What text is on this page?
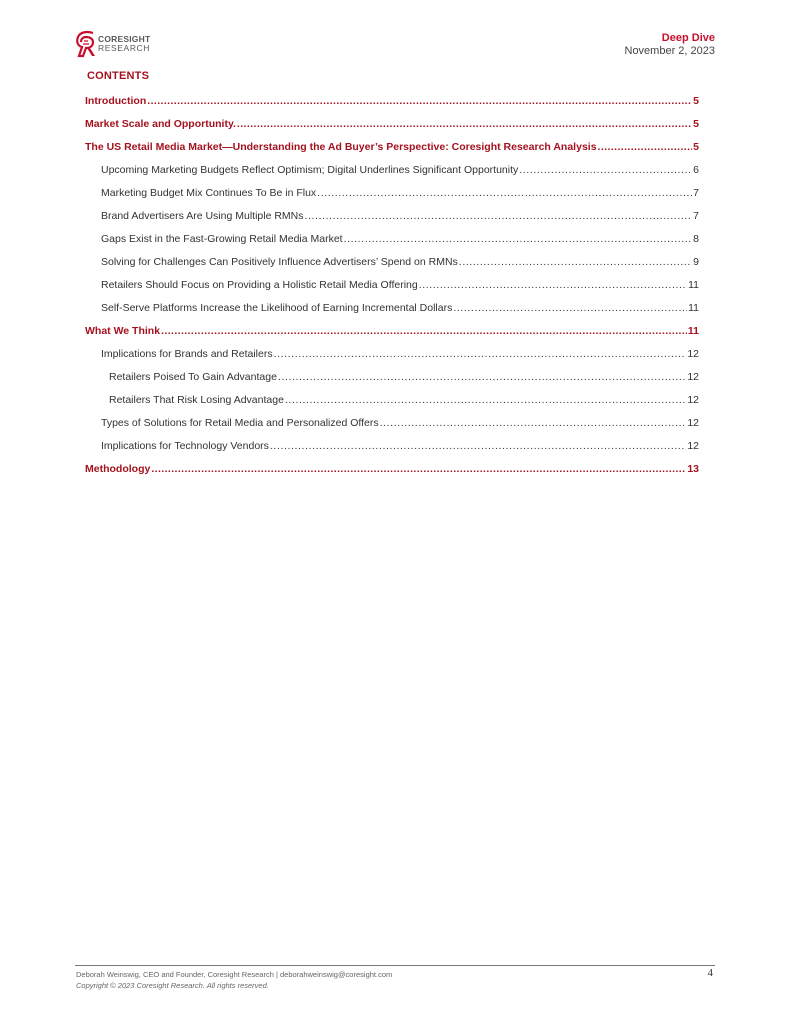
CORESIGHT
RESEARCH
Deep Dive
November 2, 2023
CONTENTS
Introduction .....	5
Market Scale and Opportunity. .....	5
The US Retail Media Market—Understanding the Ad Buyer’s Perspective: Coresight Research Analysis .....	5
Upcoming Marketing Budgets Reflect Optimism; Digital Underlines Significant Opportunity .....	6
Marketing Budget Mix Continues To Be in Flux .....	7
Brand Advertisers Are Using Multiple RMNs .....	7
Gaps Exist in the Fast-Growing Retail Media Market .....	8
Solving for Challenges Can Positively Influence Advertisers’ Spend on RMNs .....	9
Retailers Should Focus on Providing a Holistic Retail Media Offering .....	11
Self-Serve Platforms Increase the Likelihood of Earning Incremental Dollars .....	11
What We Think .....	11
Implications for Brands and Retailers .....	12
Retailers Poised To Gain Advantage .....	12
Retailers That Risk Losing Advantage .....	12
Types of Solutions for Retail Media and Personalized Offers .....	12
Implications for Technology Vendors .....	12
Methodology .....	13
Deborah Weinswig, CEO and Founder, Coresight Research | deborahweinswig@coresight.com
Copyright © 2023 Coresight Research. All rights reserved.
4
